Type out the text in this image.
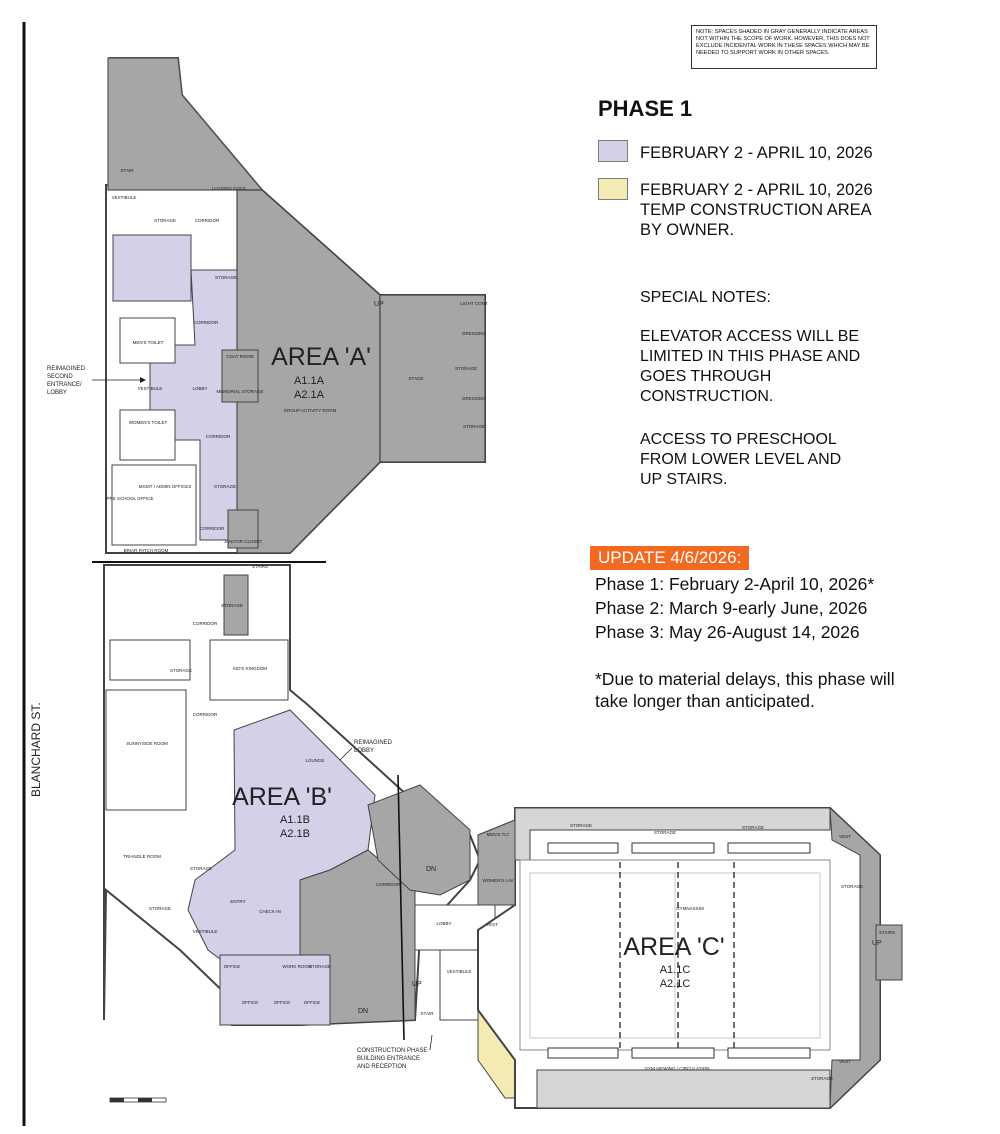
BLANCHARD ST.
STAIR
VESTIBULE
LOADING DOCK
STORAGE	CORRIDOR
STORAGE
CORRIDOR
MEN'S TOILET
VESTIBULE	LOBBY
COAT ROOM
MEMORIAL STORAGE
WOMEN'S TOILET
CORRIDOR
GROUP ACTIVITY ROOM
STAGE
LIGHT CONT
DRESSING
STORAGE
DRESSING
STORAGE
MGMT / ADMIN OFFICES
PRE SCHOOL OFFICE
STORAGE
CORRIDOR
JANITOR CLOSET
BRIAR PATCH ROOM
AREA 'A'
A1.1A
A2.1A
UP
REIMAGINED
SECOND
ENTRANCE/
LOBBY
STAIRS
STORAGE
CORRIDOR
STORAGE	KID'S KINGDOM
CORRIDOR
SUNNYSIDE ROOM
LOUNGE
TRIANGLE ROOM
STORAGE
STORAGE
ENTRY
CHECK-IN
VESTIBULE
OFFICE	WORK ROOM
STORAGE
OFFICE	OFFICE	OFFICE
CORRIDOR
AREA 'B'
A1.1B
A2.1B
DN
DN
UP
REIMAGINED
LOBBY
CONSTRUCTION PHASE
BUILDING ENTRANCE
AND RECEPTION
LOBBY
VESTIBULE
STAIR
VEST
MEN'S TLT
WOMEN'S LAV
STORAGE
STORAGE
STORAGE
VEST
STORAGE
STAIRS
GYMNASIUM
GYM VIEWING / CIRCULATION
STORAGE
VEST
AREA 'C'
A1.1C
A2.1C
UP
NOTE: SPACES SHADED IN GRAY GENERALLY INDICATE AREAS NOT WITHIN THE SCOPE OF WORK. HOWEVER, THIS DOES NOT EXCLUDE INCIDENTAL WORK IN THESE SPACES WHICH MAY BE NEEDED TO SUPPORT WORK IN OTHER SPACES.
PHASE 1
FEBRUARY 2 - APRIL 10, 2026
FEBRUARY 2 - APRIL 10, 2026
TEMP CONSTRUCTION AREA
BY OWNER.
SPECIAL NOTES:
ELEVATOR ACCESS WILL BE
LIMITED IN THIS PHASE AND
GOES THROUGH
CONSTRUCTION.
ACCESS TO PRESCHOOL
FROM LOWER LEVEL AND
UP STAIRS.
UPDATE 4/6/2026:
Phase 1: February 2-April 10, 2026*
Phase 2: March 9-early June, 2026
Phase 3: May 26-August 14, 2026
*Due to material delays, this phase will take longer than anticipated.
